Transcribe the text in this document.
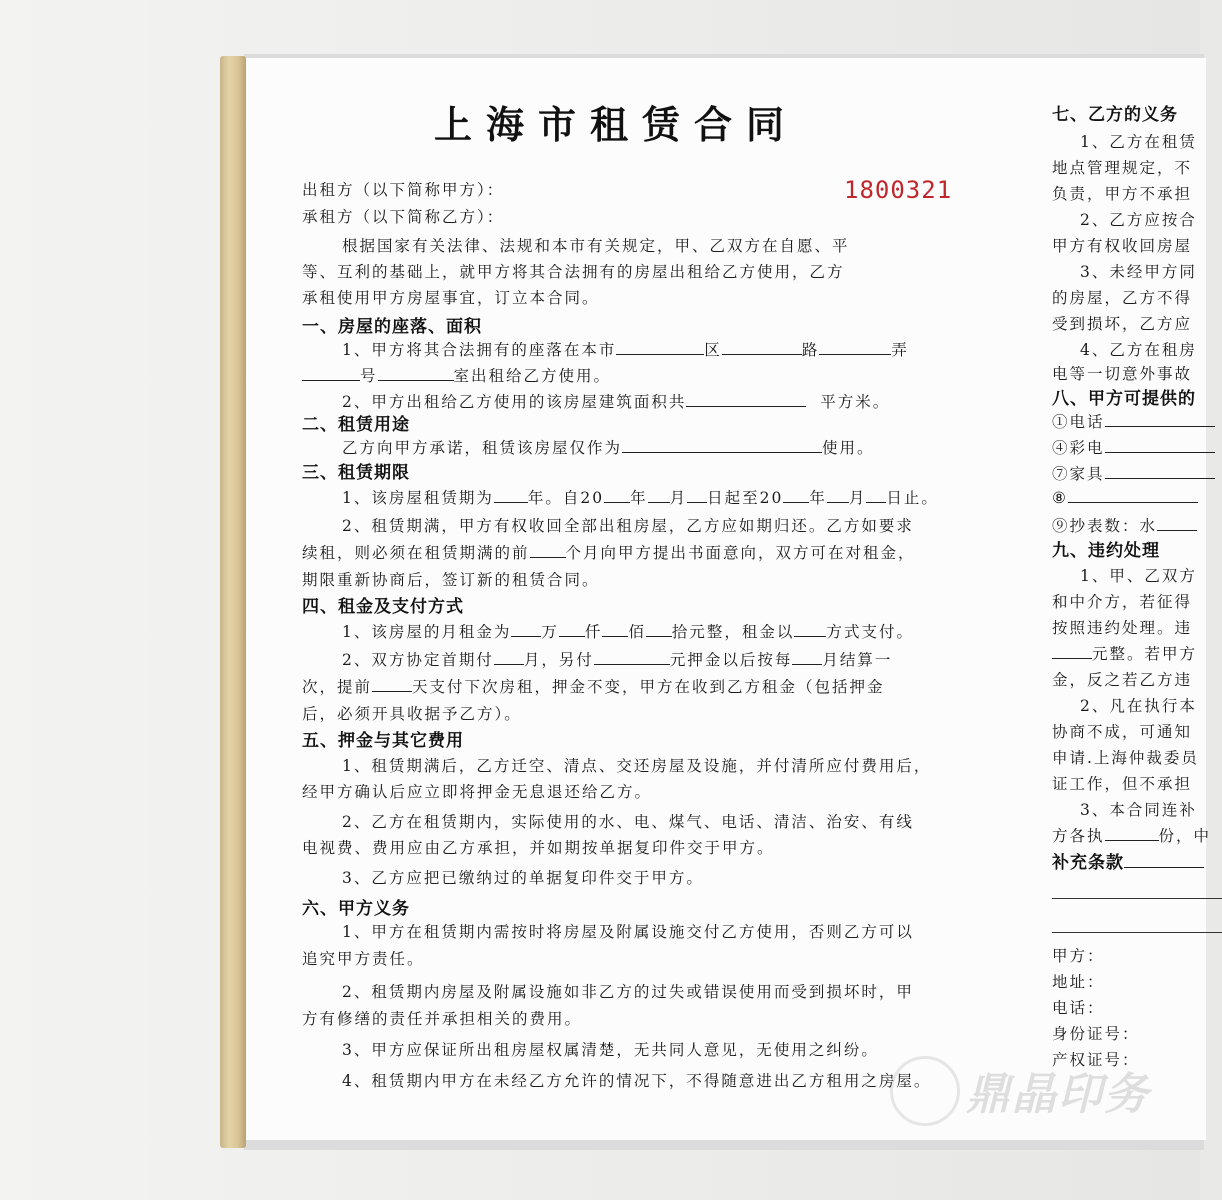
上海市租赁合同
1800321
出租方（以下简称甲方）：
承租方（以下简称乙方）：
根据国家有关法律、法规和本市有关规定，甲、乙双方在自愿、平
等、互利的基础上，就甲方将其合法拥有的房屋出租给乙方使用，乙方
承租使用甲方房屋事宜，订立本合同。
一、房屋的座落、面积
1、甲方将其合法拥有的座落在本市	区	路	弄
号	室出租给乙方使用。
2、甲方出租给乙方使用的该房屋建筑面积共	平方米。
二、租赁用途
乙方向甲方承诺，租赁该房屋仅作为	使用。
三、租赁期限
1、该房屋租赁期为 年。自20 年 月 日起至20 年 月 日止。
2、租赁期满，甲方有权收回全部出租房屋，乙方应如期归还。乙方如要求
续租，则必须在租赁期满的前 个月向甲方提出书面意向，双方可在对租金，
期限重新协商后，签订新的租赁合同。
四、租金及支付方式
1、该房屋的月租金为 万 仟 佰 拾元整，租金以 方式支付。
2、双方协定首期付 月，另付	元押金以后按每 月结算一
次，提前	天支付下次房租，押金不变，甲方在收到乙方租金（包括押金
后，必须开具收据予乙方）。
五、押金与其它费用
1、租赁期满后，乙方迁空、清点、交还房屋及设施，并付清所应付费用后，
经甲方确认后应立即将押金无息退还给乙方。
2、乙方在租赁期内，实际使用的水、电、煤气、电话、清洁、治安、有线
电视费、费用应由乙方承担，并如期按单据复印件交于甲方。
3、乙方应把已缴纳过的单据复印件交于甲方。
六、甲方义务
1、甲方在租赁期内需按时将房屋及附属设施交付乙方使用，否则乙方可以
追究甲方责任。
2、租赁期内房屋及附属设施如非乙方的过失或错误使用而受到损坏时，甲
方有修缮的责任并承担相关的费用。
3、甲方应保证所出租房屋权属清楚，无共同人意见，无使用之纠纷。
4、租赁期内甲方在未经乙方允许的情况下，不得随意进出乙方租用之房屋。
七、乙方的义务
1、乙方在租赁
地点管理规定，不
负责，甲方不承担
2、乙方应按合
甲方有权收回房屋
3、未经甲方同
的房屋，乙方不得
受到损坏，乙方应
4、乙方在租房
电等一切意外事故
八、甲方可提供的
①电话
④彩电
⑦家具
⑧
⑨抄表数：水
九、违约处理
1、甲、乙双方
和中介方，若征得
按照违约处理。违
元整。若甲方
金，反之若乙方违
2、凡在执行本
协商不成，可通知
申请.上海仲裁委员
证工作，但不承担
3、本合同连补
方各执	份，中
补充条款
甲方：
地址：
电话：
身份证号：
产权证号：
鼎晶印务
